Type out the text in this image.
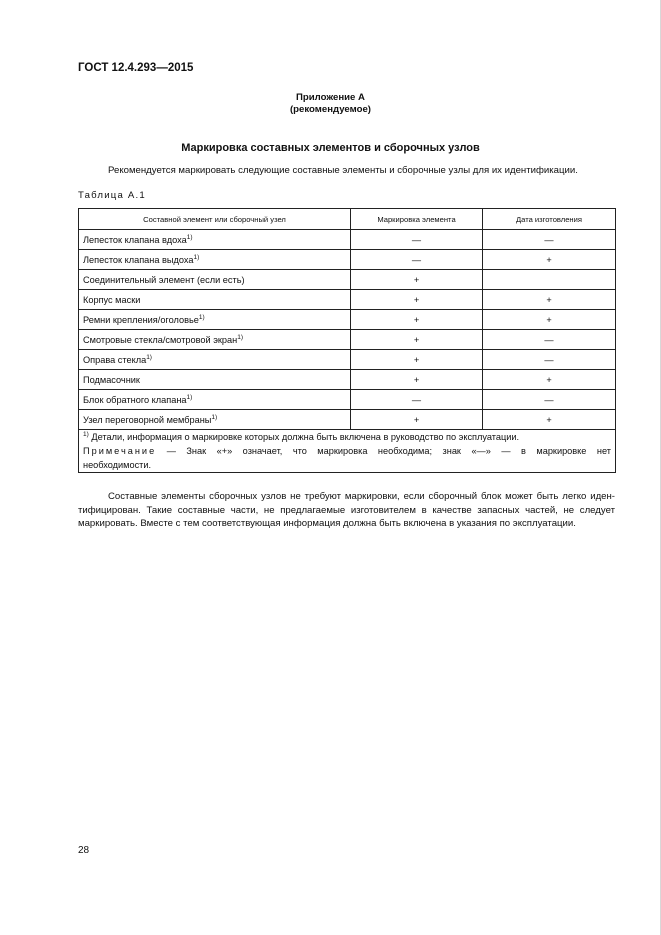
ГОСТ 12.4.293—2015
Приложение А
(рекомендуемое)
Маркировка составных элементов и сборочных узлов
Рекомендуется маркировать следующие составные элементы и сборочные узлы для их идентификации.
Таблица А.1
Составной элемент или сборочный узел	Маркировка элемента	Дата изготовления
Лепесток клапана вдоха$^{1)}$	—	—
Лепесток клапана выдоха$^{1)}$	—	+
Соединительный элемент (если есть)	+	
Корпус маски	+	+
Ремни крепления/оголовье$^{1)}$	+	+
Смотровые стекла/смотровой экран$^{1)}$	+	—
Оправа стекла$^{1)}$	+	—
Подмасочник	+	+
Блок обратного клапана$^{1)}$	—	—
Узел переговорной мембраны$^{1)}$	+	+

$^{1)}$ Детали, информация о маркировке которых должна быть включена в руководство по эксплуатации.
Примечание — Знак «+» означает, что маркировка необходима; знак «—» — в маркировке нет
необходимости.		

Составные элементы сборочных узлов не требуют маркировки, если сборочный блок может быть легко иден-

тифицирован. Такие составные части, не предлагаемые изготовителем в качестве запасных частей, не следует

маркировать. Вместе с тем соответствующая информация должна быть включена в указания по эксплуатации.

28
